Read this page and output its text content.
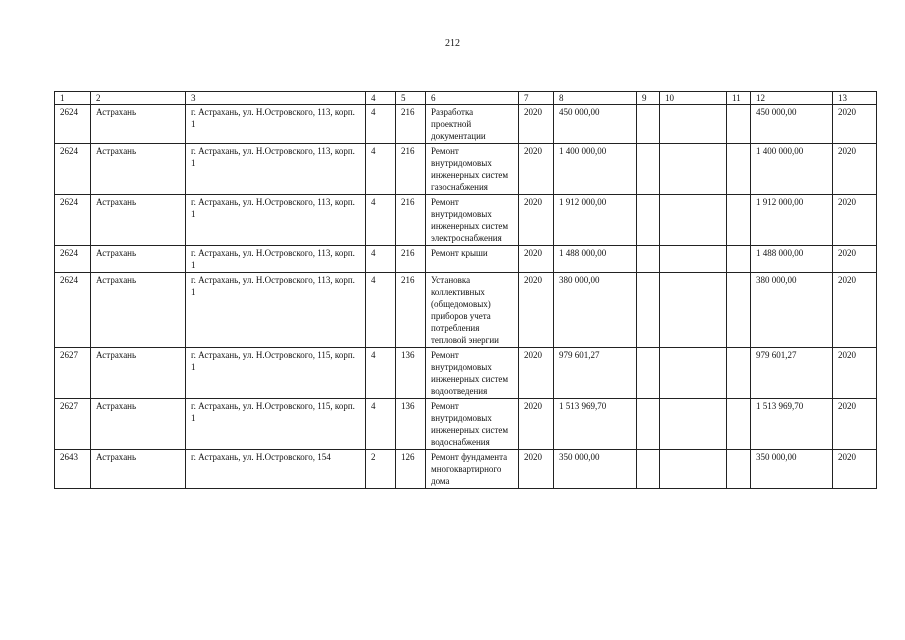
212
1	2	3	4	5	6	7	8	9	10	11	12	13
2624	Астрахань	г. Астрахань, ул. Н.Островского, 113, корп. 1	4	216	Разработка проектной документации	2020	450 000,00				450 000,00	2020
2624	Астрахань	г. Астрахань, ул. Н.Островского, 113, корп. 1	4	216	Ремонт внутридомовых инженерных систем газоснабжения	2020	1 400 000,00				1 400 000,00	2020
2624	Астрахань	г. Астрахань, ул. Н.Островского, 113, корп. 1	4	216	Ремонт внутридомовых инженерных систем электроснабжения	2020	1 912 000,00				1 912 000,00	2020
2624	Астрахань	г. Астрахань, ул. Н.Островского, 113, корп. 1	4	216	Ремонт крыши	2020	1 488 000,00				1 488 000,00	2020
2624	Астрахань	г. Астрахань, ул. Н.Островского, 113, корп. 1	4	216	Установка коллективных (общедомовых) приборов учета потребления тепловой энергии	2020	380 000,00				380 000,00	2020
2627	Астрахань	г. Астрахань, ул. Н.Островского, 115, корп. 1	4	136	Ремонт внутридомовых инженерных систем водоотведения	2020	979 601,27				979 601,27	2020
2627	Астрахань	г. Астрахань, ул. Н.Островского, 115, корп. 1	4	136	Ремонт внутридомовых инженерных систем водоснабжения	2020	1 513 969,70				1 513 969,70	2020
2643	Астрахань	г. Астрахань, ул. Н.Островского, 154	2	126	Ремонт фундамента многоквартирного дома	2020	350 000,00				350 000,00	2020
